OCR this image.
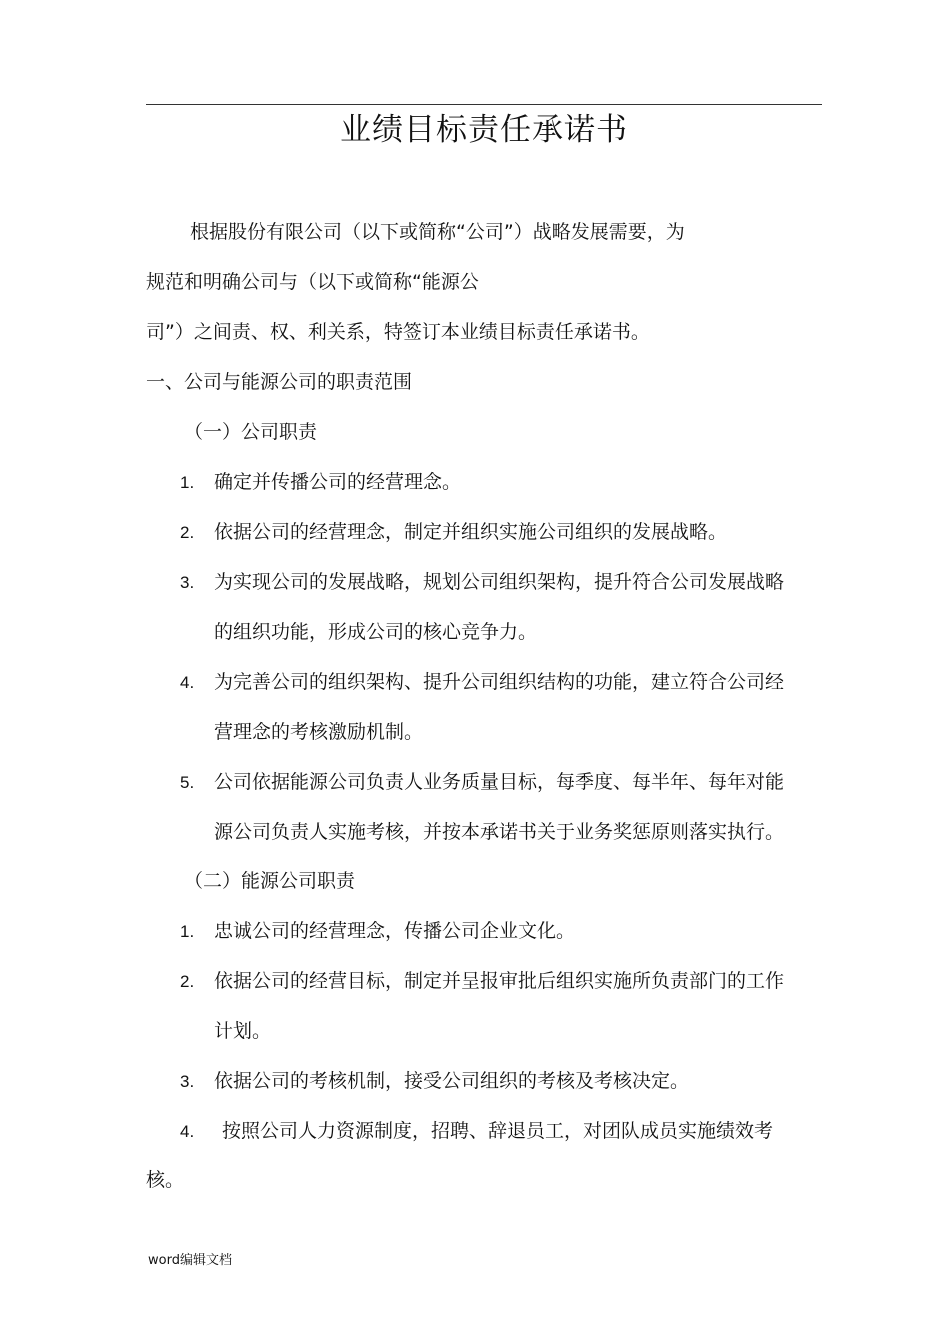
业绩目标责任承诺书
根据股份有限公司（以下或简称“公司”）战略发展需要，为
规范和明确公司与（以下或简称“能源公
司”）之间责、权、利关系，特签订本业绩目标责任承诺书。
一、公司与能源公司的职责范围
（一）公司职责
1. 确定并传播公司的经营理念。
2. 依据公司的经营理念，制定并组织实施公司组织的发展战略。
3. 为实现公司的发展战略，规划公司组织架构，提升符合公司发展战略
的组织功能，形成公司的核心竞争力。
4. 为完善公司的组织架构、提升公司组织结构的功能，建立符合公司经
营理念的考核激励机制。
5. 公司依据能源公司负责人业务质量目标，每季度、每半年、每年对能
源公司负责人实施考核，并按本承诺书关于业务奖惩原则落实执行。
（二）能源公司职责
1. 忠诚公司的经营理念，传播公司企业文化。
2. 依据公司的经营目标，制定并呈报审批后组织实施所负责部门的工作
计划。
3. 依据公司的考核机制，接受公司组织的考核及考核决定。
4. 按照公司人力资源制度，招聘、辞退员工，对团队成员实施绩效考
核。
word编辑文档
